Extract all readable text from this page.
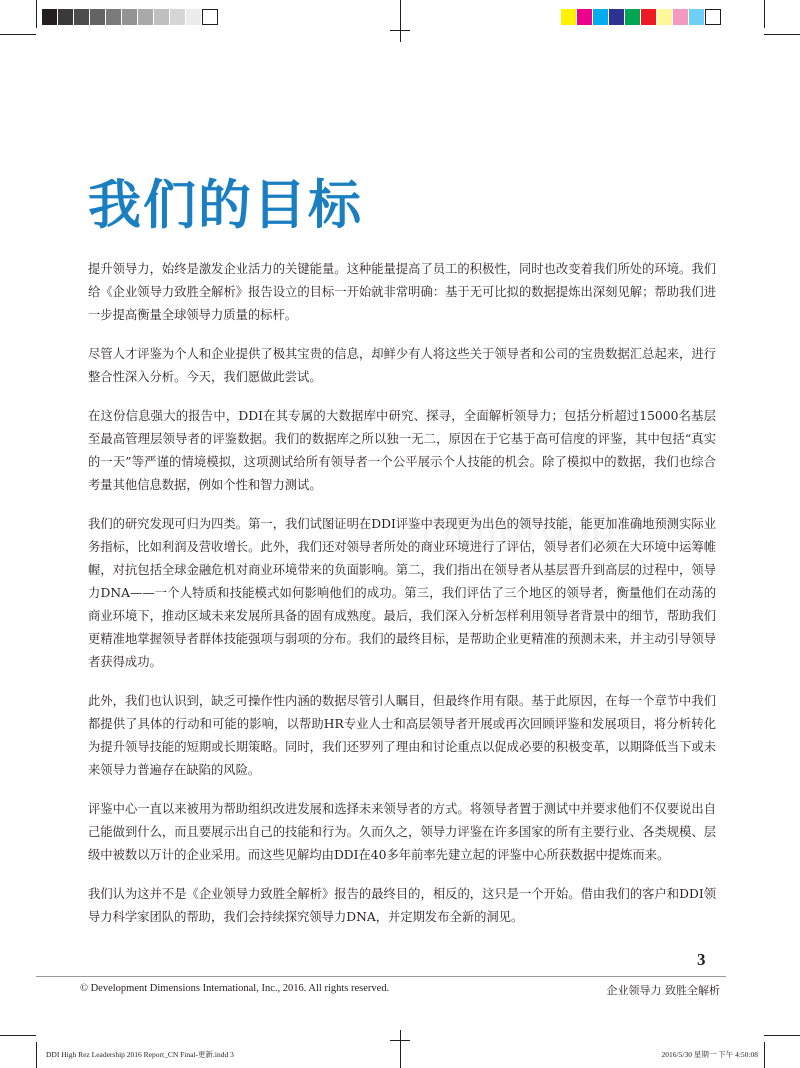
我们的目标

提升领导力，始终是激发企业活力的关键能量。这种能量提高了员工的积极性，同时也改变着我们所处的环境。我们给《企业领导力致胜全解析》报告设立的目标一开始就非常明确：基于无可比拟的数据提炼出深刻见解；帮助我们进一步提高衡量全球领导力质量的标杆。

尽管人才评鉴为个人和企业提供了极其宝贵的信息，却鲜少有人将这些关于领导者和公司的宝贵数据汇总起来，进行整合性深入分析。今天，我们愿做此尝试。

在这份信息强大的报告中，DDI在其专属的大数据库中研究、探寻，全面解析领导力；包括分析超过15000名基层至最高管理层领导者的评鉴数据。我们的数据库之所以独一无二，原因在于它基于高可信度的评鉴，其中包括“真实的一天”等严谨的情境模拟，这项测试给所有领导者一个公平展示个人技能的机会。除了模拟中的数据，我们也综合考量其他信息数据，例如个性和智力测试。

我们的研究发现可归为四类。第一，我们试图证明在DDI评鉴中表现更为出色的领导技能，能更加准确地预测实际业务指标，比如利润及营收增长。此外，我们还对领导者所处的商业环境进行了评估，领导者们必须在大环境中运筹帷幄，对抗包括全球金融危机对商业环境带来的负面影响。第二，我们指出在领导者从基层晋升到高层的过程中，领导力DNA——一个人特质和技能模式如何影响他们的成功。第三，我们评估了三个地区的领导者，衡量他们在动荡的商业环境下，推动区域未来发展所具备的固有成熟度。最后，我们深入分析怎样利用领导者背景中的细节，帮助我们更精准地掌握领导者群体技能强项与弱项的分布。我们的最终目标，是帮助企业更精准的预测未来，并主动引导领导者获得成功。

此外，我们也认识到，缺乏可操作性内涵的数据尽管引人瞩目，但最终作用有限。基于此原因，在每一个章节中我们都提供了具体的行动和可能的影响，以帮助HR专业人士和高层领导者开展或再次回顾评鉴和发展项目，将分析转化为提升领导技能的短期或长期策略。同时，我们还罗列了理由和讨论重点以促成必要的积极变革，以期降低当下或未来领导力普遍存在缺陷的风险。

评鉴中心一直以来被用为帮助组织改进发展和选择未来领导者的方式。将领导者置于测试中并要求他们不仅要说出自己能做到什么，而且要展示出自己的技能和行为。久而久之，领导力评鉴在许多国家的所有主要行业、各类规模、层级中被数以万计的企业采用。而这些见解均由DDI在40多年前率先建立起的评鉴中心所获数据中提炼而来。

我们认为这并不是《企业领导力致胜全解析》报告的最终目的，相反的，这只是一个开始。借由我们的客户和DDI领导力科学家团队的帮助，我们会持续探究领导力DNA，并定期发布全新的洞见。

3
© Development Dimensions International, Inc., 2016. All rights reserved.	企业领导力 致胜全解析
DDI High Rez Leadership 2016 Report_CN Final-更新.indd 3	2016/5/30 星期一 下午 4:50:08
